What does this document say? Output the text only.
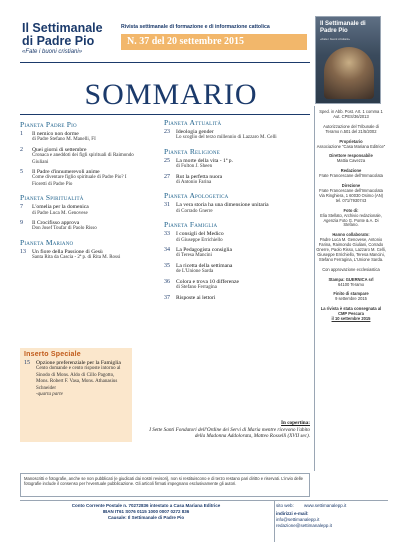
Il Settimanale
di Padre Pio
«Fate i buoni cristiani»
Rivista settimanale di formazione e di informazione cattolica
N. 37 del 20 settembre 2015
Il Settimanale di Padre Pio
«Fate i buoni cristiani»
SOMMARIO
Pianeta Padre Pio
1	Il nemico non dorme
di Padre Stefano M. Manelli, FI
2	Quei giorni di settembre
Cronaca e aneddoti dei figli spirituali di Raimondo Giuliani
5	Il Padre d'innumerevoli anime
Come diventare figlio spirituale di Padre Pio? I Fioretti di Padre Pio
Pianeta Spiritualità
7	L'omelia per la domenica
di Padre Luca M. Genovese
9	Il Crocifisso approva
Don Josef Toufar di Paolo Risso
Pianeta Mariano
13	Un fiore della Passione di Gesù
Santa Rita da Cascia - 2ª p. di Rita M. Rossi
Pianeta Attualità
23	Ideologia gender
Lo scoglio del terzo millennio di Lazzaro M. Celli
Pianeta Religione
25	La morte della vita - 1ª p.
di Fulton J. Sheen
27	Rut la perfetta nuora
di Antonio Farina
Pianeta Apologetica
31	La vera storia ha una dimensione unitaria
di Corrado Gnerre
Pianeta Famiglia
33	I consigli del Medico
di Giuseppe Errichiello
34	La Pedagogista consiglia
di Teresa Mancini
35	La ricetta della settimana
de L'Unione Sarda
36	Colora e trova 10 differenze
di Stefano Ferragina
37	Risposte ai lettori
Inserto Speciale
15	Opzione preferenziale per la Famiglia
Cento domande e cento risposte intorno al Sinodo di Mons. Aldo di Cillo Pagotto, Mons. Robert F. Vasa, Mons. Athanasius Schneider
-quarta parte
In copertina:
I Sette Santi Fondatori dell'Ordine dei Servi di Maria mentre ricevono l'abito della Madonna Addolorata, Matteo Rosselli (XVII sec).
Sped. in Abb. Post. Art. 1 comma 1 Aut. CPES/36/2013
Autorizzazione del Tribunale di Teramo n.501 del 21/5/2002
Proprietario
Associazione "Casa Mariana Editrice"
Direttore responsabile
Mattia Cavezza
Redazione
Frate Francescane dell'Immacolata
Direzione
Frate Francescane dell'Immacolata Via Ringhiera, 1 60030 Osimo (AN) tel. 071/7930743
Foto di:
Elia Stellato, Archivio redazionale, Agenzia Foto G. Ponte & A. Di Stefano.
Hanno collaborato:
Padre Luca M. Genovese, Antonio Farina, Raimondo Giuliani, Corrado Gnerre, Paolo Risso, Lazzaro M. Celli, Giuseppe Errichiello, Teresa Mancini, Stefano Ferragina, L'Unione Sarda.
Con approvazione ecclesiastica
Stampa: GUERNICA srl
64100 Teramo
Finito di stampare
9 settembre 2015
La rivista è stata consegnata al CMP Pescara
il 10 settembre 2015
Manoscritti e fotografie, anche se non pubblicati (e giudicati dai nostri revisori), non si restituiscono e di terzo restano pari diritto e riservati. L'invio delle fotografie include il consenso per l'eventuale pubblicazione. Gli articoli firmati impegnano esclusivamente gli autori.
Conto Corrente Postale n. 70272836 intestato a Casa Mariana Editrice
IBAN IT61 S076 0115 1000 0007 0272 836
Causale: Il Settimanale di Padre Pio
sito web:	www.settimanalepp.it
indirizzi e-mail:
info@settimanalepp.it
redazione@settimanalepp.it
